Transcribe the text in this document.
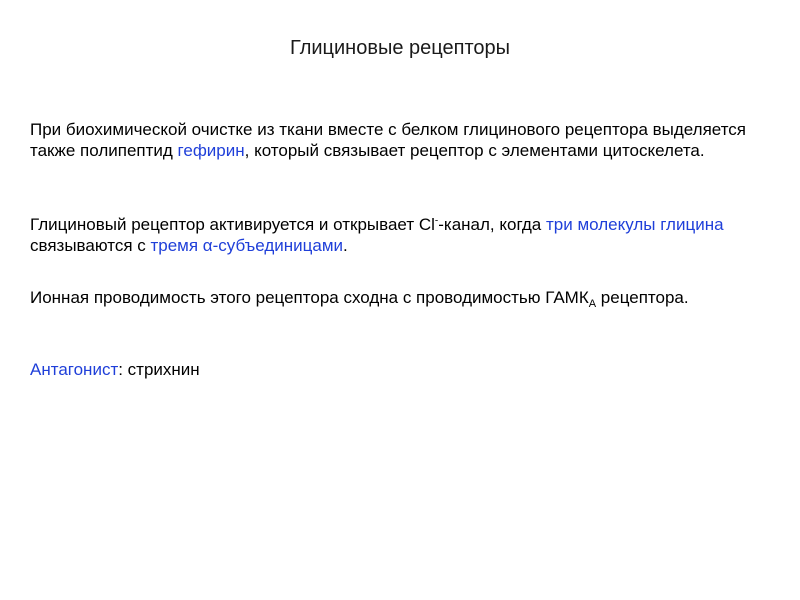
Глициновые рецепторы
При биохимической очистке из ткани вместе с белком глицинового рецептора выделяется также полипептид гефирин, который связывает рецептор с элементами цитоскелета.
Глициновый рецептор активируется и открывает Cl--канал, когда три молекулы глицина связываются с тремя α-субъединицами.
Ионная проводимость этого рецептора сходна с проводимостью $ГАМК_А$ рецептора.
Антагонист: стрихнин
